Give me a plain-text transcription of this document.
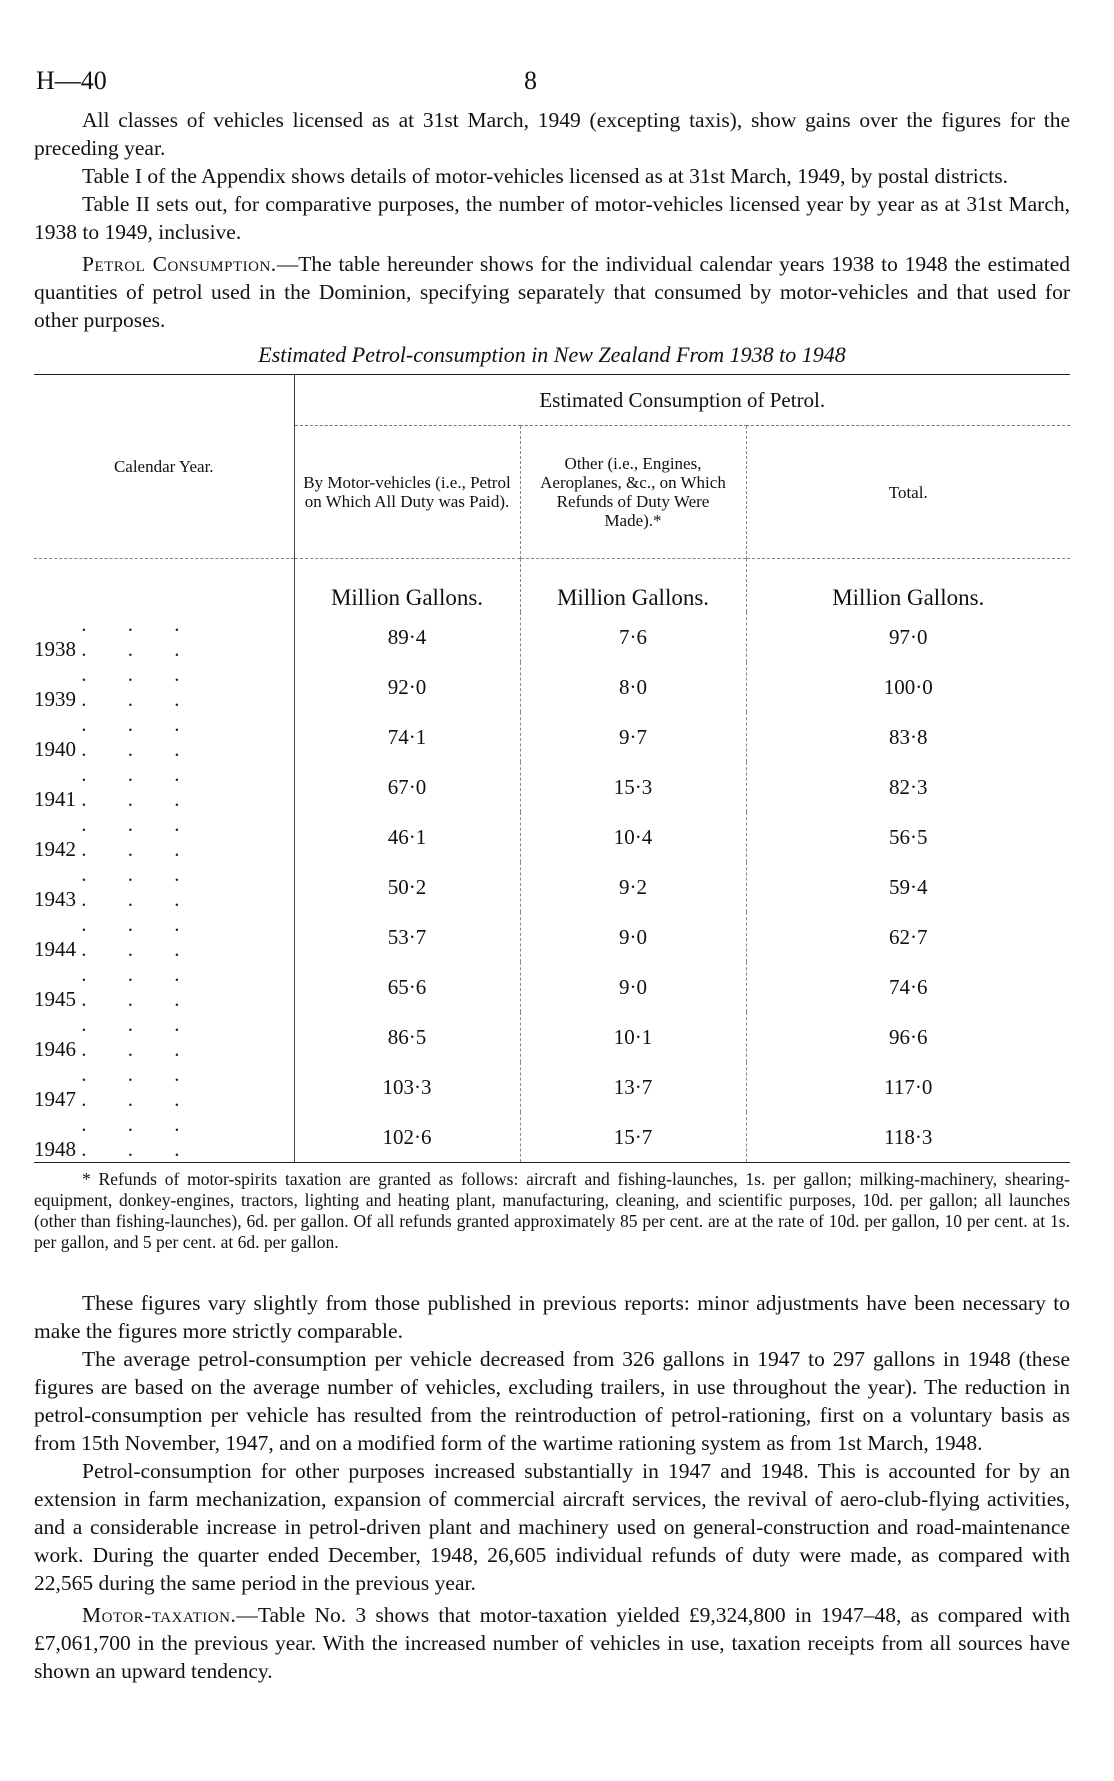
H—40	8

All classes of vehicles licensed as at 31st March, 1949 (excepting taxis), show gains over the figures for the preceding year.

Table I of the Appendix shows details of motor-vehicles licensed as at 31st March, 1949, by postal districts.

Table II sets out, for comparative purposes, the number of motor-vehicles licensed year by year as at 31st March, 1938 to 1949, inclusive.

Petrol Consumption.—The table hereunder shows for the individual calendar years 1938 to 1948 the estimated quantities of petrol used in the Dominion, specifying separately that consumed by motor-vehicles and that used for other purposes.

Estimated Petrol-consumption in New Zealand From 1938 to 1948
Calendar Year.	Estimated Consumption of Petrol.		
	By Motor-vehicles (i.e., Petrol on Which All Duty was Paid).	Other (i.e., Engines, Aeroplanes, &c., on Which Refunds of Duty Were Made).*	Total.

	Million Gallons.	Million Gallons.	Million Gallons.
1938 . . . . . .	89·4	7·6	97·0
1939 . . . . . .	92·0	8·0	100·0
1940 . . . . . .	74·1	9·7	83·8
1941 . . . . . .	67·0	15·3	82·3
1942 . . . . . .	46·1	10·4	56·5
1943 . . . . . .	50·2	9·2	59·4
1944 . . . . . .	53·7	9·0	62·7
1945 . . . . . .	65·6	9·0	74·6
1946 . . . . . .	86·5	10·1	96·6
1947 . . . . . .	103·3	13·7	117·0
1948 . . . . . .	102·6	15·7	118·3

* Refunds of motor-spirits taxation are granted as follows: aircraft and fishing-launches, 1s. per gallon; milking-machinery, shearing-equipment, donkey-engines, tractors, lighting and heating plant, manufacturing, cleaning, and scientific purposes, 10d. per gallon; all launches (other than fishing-launches), 6d. per gallon. Of all refunds granted approximately 85 per cent. are at the rate of 10d. per gallon, 10 per cent. at 1s. per gallon, and 5 per cent. at 6d. per gallon.

These figures vary slightly from those published in previous reports: minor adjustments have been necessary to make the figures more strictly comparable.

The average petrol-consumption per vehicle decreased from 326 gallons in 1947 to 297 gallons in 1948 (these figures are based on the average number of vehicles, excluding trailers, in use throughout the year). The reduction in petrol-consumption per vehicle has resulted from the reintroduction of petrol-rationing, first on a voluntary basis as from 15th November, 1947, and on a modified form of the wartime rationing system as from 1st March, 1948.

Petrol-consumption for other purposes increased substantially in 1947 and 1948. This is accounted for by an extension in farm mechanization, expansion of commercial aircraft services, the revival of aero-club-flying activities, and a considerable increase in petrol-driven plant and machinery used on general-construction and road-maintenance work. During the quarter ended December, 1948, 26,605 individual refunds of duty were made, as compared with 22,565 during the same period in the previous year.

Motor-taxation.—Table No. 3 shows that motor-taxation yielded £9,324,800 in 1947–48, as compared with £7,061,700 in the previous year. With the increased number of vehicles in use, taxation receipts from all sources have shown an upward tendency.
